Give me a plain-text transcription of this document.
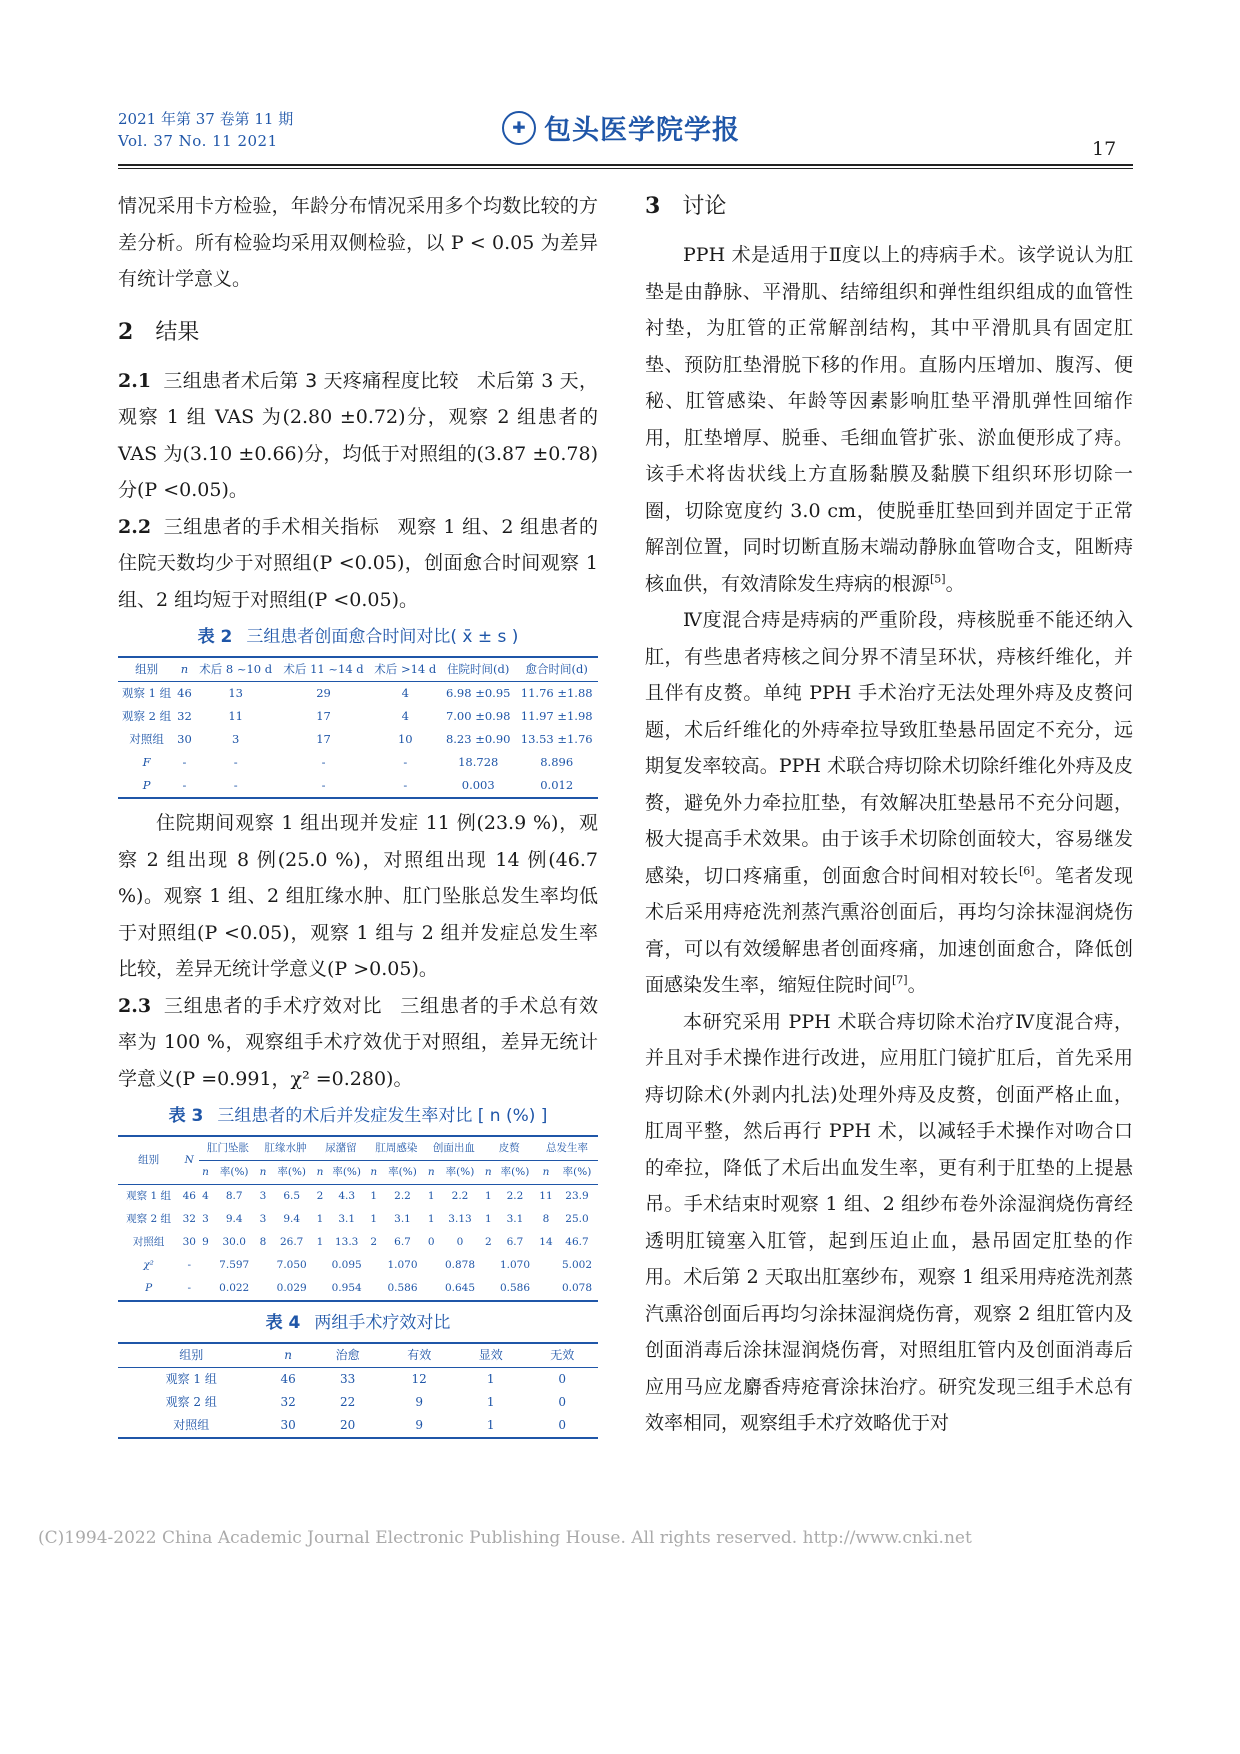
2021 年第 37 卷第 11 期
Vol. 37 No. 11 2021
✚ 包头医学院学报
17

情况采用卡方检验，年龄分布情况采用多个均数比较的方差分析。所有检验均采用双侧检验，以 P < 0.05 为差异有统计学意义。

2 结果

2.1 三组患者术后第 3 天疼痛程度比较 术后第 3 天，观察 1 组 VAS 为(2.80 ±0.72)分，观察 2 组患者的 VAS 为(3.10 ±0.66)分，均低于对照组的(3.87 ±0.78)分(P <0.05)。

2.2 三组患者的手术相关指标 观察 1 组、2 组患者的住院天数均少于对照组(P <0.05)，创面愈合时间观察 1 组、2 组均短于对照组(P <0.05)。

表 2 三组患者创面愈合时间对比( x̄ ± s )
组别	n	术后 8 ~10 d	术后 11 ~14 d	术后 >14 d	住院时间(d)	愈合时间(d)
观察 1 组	46	13	29	4	6.98 ±0.95	11.76 ±1.88
观察 2 组	32	11	17	4	7.00 ±0.98	11.97 ±1.98
对照组	30	3	17	10	8.23 ±0.90	13.53 ±1.76
F	-	-	-	-	18.728	8.896
P	-	-	-	-	0.003	0.012

住院期间观察 1 组出现并发症 11 例(23.9 %)，观察 2 组出现 8 例(25.0 %)，对照组出现 14 例(46.7 %)。观察 1 组、2 组肛缘水肿、肛门坠胀总发生率均低于对照组(P <0.05)，观察 1 组与 2 组并发症总发生率比较，差异无统计学意义(P >0.05)。

2.3 三组患者的手术疗效对比 三组患者的手术总有效率为 100 %，观察组手术疗效优于对照组，差异无统计学意义(P =0.991，χ² =0.280)。

表 3 三组患者的术后并发症发生率对比 [ n (%) ]
组别	N	肛门坠胀		肛缘水肿		尿潴留		肛周感染		创面出血		皮赘		总发生率	
		n	率(%)	n	率(%)	n	率(%)	n	率(%)	n	率(%)	n	率(%)	n	率(%)
观察 1 组	46	4	8.7	3	6.5	2	4.3	1	2.2	1	2.2	1	2.2	11	23.9
观察 2 组	32	3	9.4	3	9.4	1	3.1	1	3.1	1	3.13	1	3.1	8	25.0
对照组	30	9	30.0	8	26.7	1	13.3	2	6.7	0	0	2	6.7	14	46.7
χ²	-		7.597		7.050		0.095		1.070		0.878		1.070		5.002
P	-		0.022		0.029		0.954		0.586		0.645		0.586		0.078
表 4 两组手术疗效对比
组别	n	治愈	有效	显效	无效
观察 1 组	46	33	12	1	0
观察 2 组	32	22	9	1	0
对照组	30	20	9	1	0
3 讨论

PPH 术是适用于Ⅱ度以上的痔病手术。该学说认为肛垫是由静脉、平滑肌、结缔组织和弹性组织组成的血管性衬垫，为肛管的正常解剖结构，其中平滑肌具有固定肛垫、预防肛垫滑脱下移的作用。直肠内压增加、腹泻、便秘、肛管感染、年龄等因素影响肛垫平滑肌弹性回缩作用，肛垫增厚、脱垂、毛细血管扩张、淤血便形成了痔。该手术将齿状线上方直肠黏膜及黏膜下组织环形切除一圈，切除宽度约 3.0 cm，使脱垂肛垫回到并固定于正常解剖位置，同时切断直肠末端动静脉血管吻合支，阻断痔核血供，有效清除发生痔病的根源[5]。

Ⅳ度混合痔是痔病的严重阶段，痔核脱垂不能还纳入肛，有些患者痔核之间分界不清呈环状，痔核纤维化，并且伴有皮赘。单纯 PPH 手术治疗无法处理外痔及皮赘问题，术后纤维化的外痔牵拉导致肛垫悬吊固定不充分，远期复发率较高。PPH 术联合痔切除术切除纤维化外痔及皮赘，避免外力牵拉肛垫，有效解决肛垫悬吊不充分问题，极大提高手术效果。由于该手术切除创面较大，容易继发感染，切口疼痛重，创面愈合时间相对较长[6]。笔者发现术后采用痔疮洗剂蒸汽熏浴创面后，再均匀涂抹湿润烧伤膏，可以有效缓解患者创面疼痛，加速创面愈合，降低创面感染发生率，缩短住院时间[7]。

本研究采用 PPH 术联合痔切除术治疗Ⅳ度混合痔，并且对手术操作进行改进，应用肛门镜扩肛后，首先采用痔切除术(外剥内扎法)处理外痔及皮赘，创面严格止血，肛周平整，然后再行 PPH 术，以减轻手术操作对吻合口的牵拉，降低了术后出血发生率，更有利于肛垫的上提悬吊。手术结束时观察 1 组、2 组纱布卷外涂湿润烧伤膏经透明肛镜塞入肛管，起到压迫止血，悬吊固定肛垫的作用。术后第 2 天取出肛塞纱布，观察 1 组采用痔疮洗剂蒸汽熏浴创面后再均匀涂抹湿润烧伤膏，观察 2 组肛管内及创面消毒后涂抹湿润烧伤膏，对照组肛管内及创面消毒后应用马应龙麝香痔疮膏涂抹治疗。研究发现三组手术总有效率相同，观察组手术疗效略优于对

(C)1994-2022 China Academic Journal Electronic Publishing House. All rights reserved. http://www.cnki.net
